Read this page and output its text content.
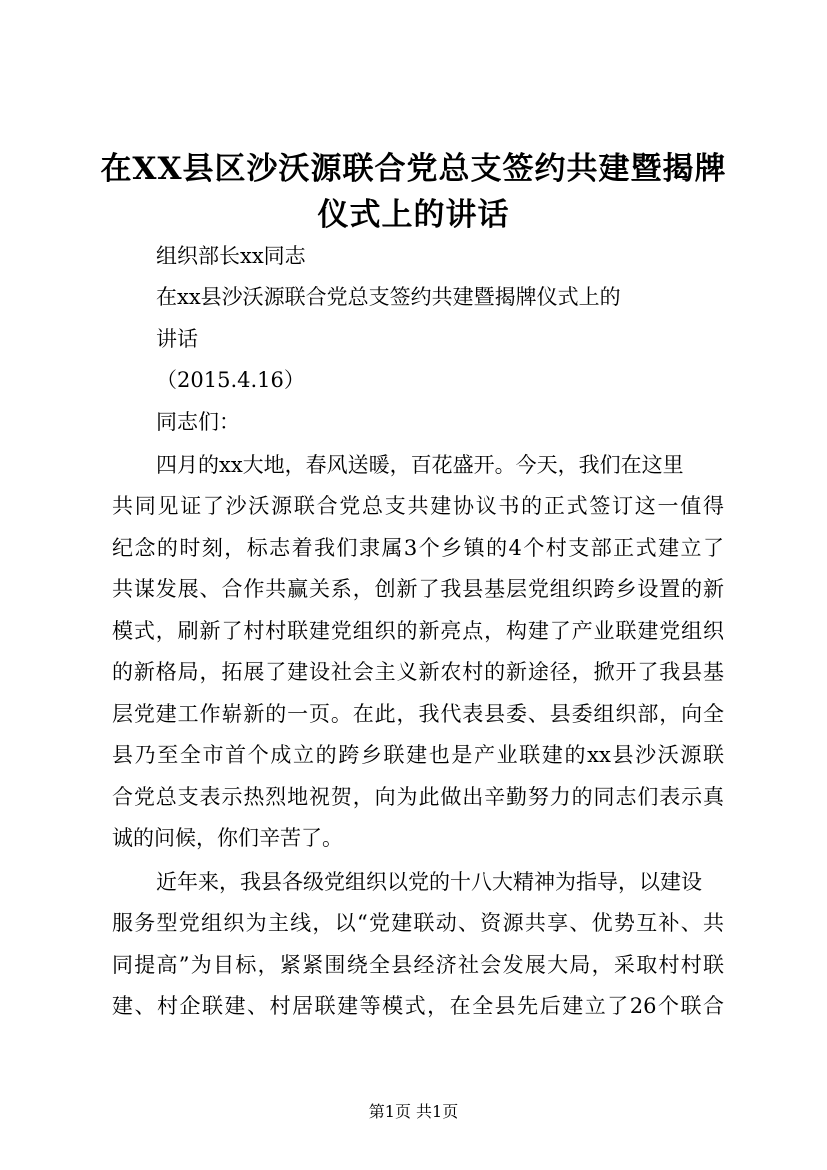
在XX县区沙沃源联合党总支签约共建暨揭牌
仪式上的讲话
组织部长xx同志
在xx县沙沃源联合党总支签约共建暨揭牌仪式上的
讲话
（2015.4.16）
同志们：
四月的xx大地，春风送暖，百花盛开。今天，我们在这里
共同见证了沙沃源联合党总支共建协议书的正式签订这一值得
纪念的时刻，标志着我们隶属3个乡镇的4个村支部正式建立了
共谋发展、合作共赢关系，创新了我县基层党组织跨乡设置的新
模式，刷新了村村联建党组织的新亮点，构建了产业联建党组织
的新格局，拓展了建设社会主义新农村的新途径，掀开了我县基
层党建工作崭新的一页。在此，我代表县委、县委组织部，向全
县乃至全市首个成立的跨乡联建也是产业联建的xx县沙沃源联
合党总支表示热烈地祝贺，向为此做出辛勤努力的同志们表示真
诚的问候，你们辛苦了。
近年来，我县各级党组织以党的十八大精神为指导，以建设
服务型党组织为主线，以“党建联动、资源共享、优势互补、共
同提高”为目标，紧紧围绕全县经济社会发展大局，采取村村联
建、村企联建、村居联建等模式，在全县先后建立了26个联合
第1页 共1页
